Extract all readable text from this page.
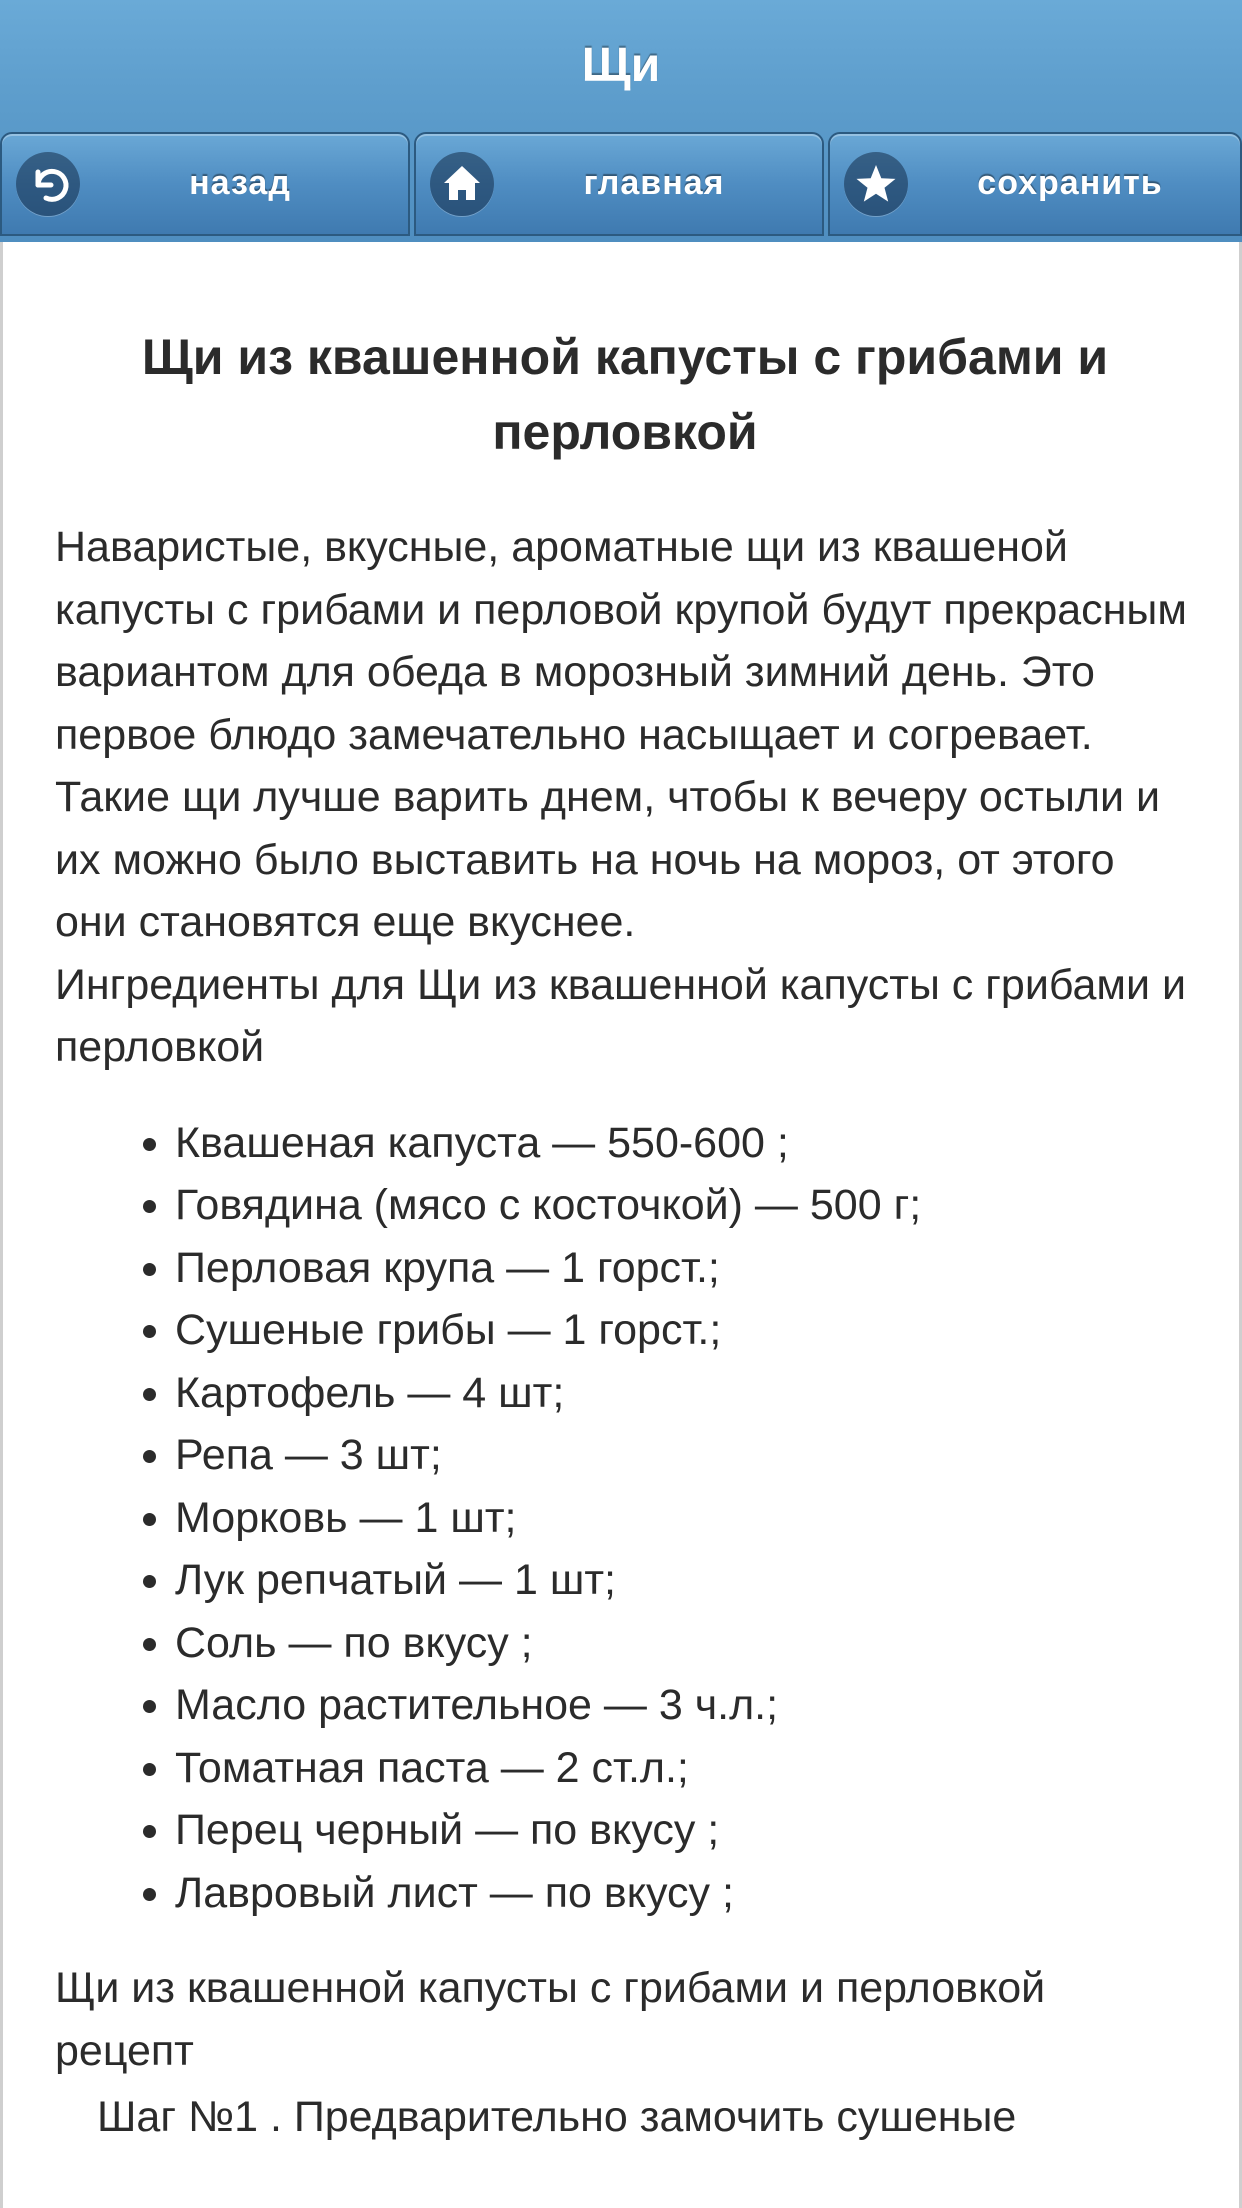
Щи
назад	главная	сохранить
Щи из квашенной капусты с грибами и перловкой

Наваристые, вкусные, ароматные щи из квашеной капусты с грибами и перловой крупой будут прекрасным вариантом для обеда в морозный зимний день. Это первое блюдо замечательно насыщает и согревает. Такие щи лучше варить днем, чтобы к вечеру остыли и их можно было выставить на ночь на мороз, от этого они становятся еще вкуснее.

Ингредиенты для Щи из квашенной капусты с грибами и перловкой

• Квашеная капуста — 550-600 ;
• Говядина (мясо с косточкой) — 500 г;
• Перловая крупа — 1 горст.;
• Сушеные грибы — 1 горст.;
• Картофель — 4 шт;
• Репа — 3 шт;
• Морковь — 1 шт;
• Лук репчатый — 1 шт;
• Соль — по вкусу ;
• Масло растительное — 3 ч.л.;
• Томатная паста — 2 ст.л.;
• Перец черный — по вкусу ;
• Лавровый лист — по вкусу ;

Щи из квашенной капусты с грибами и перловкой рецепт

Шаг №1 . Предварительно замочить сушеные
